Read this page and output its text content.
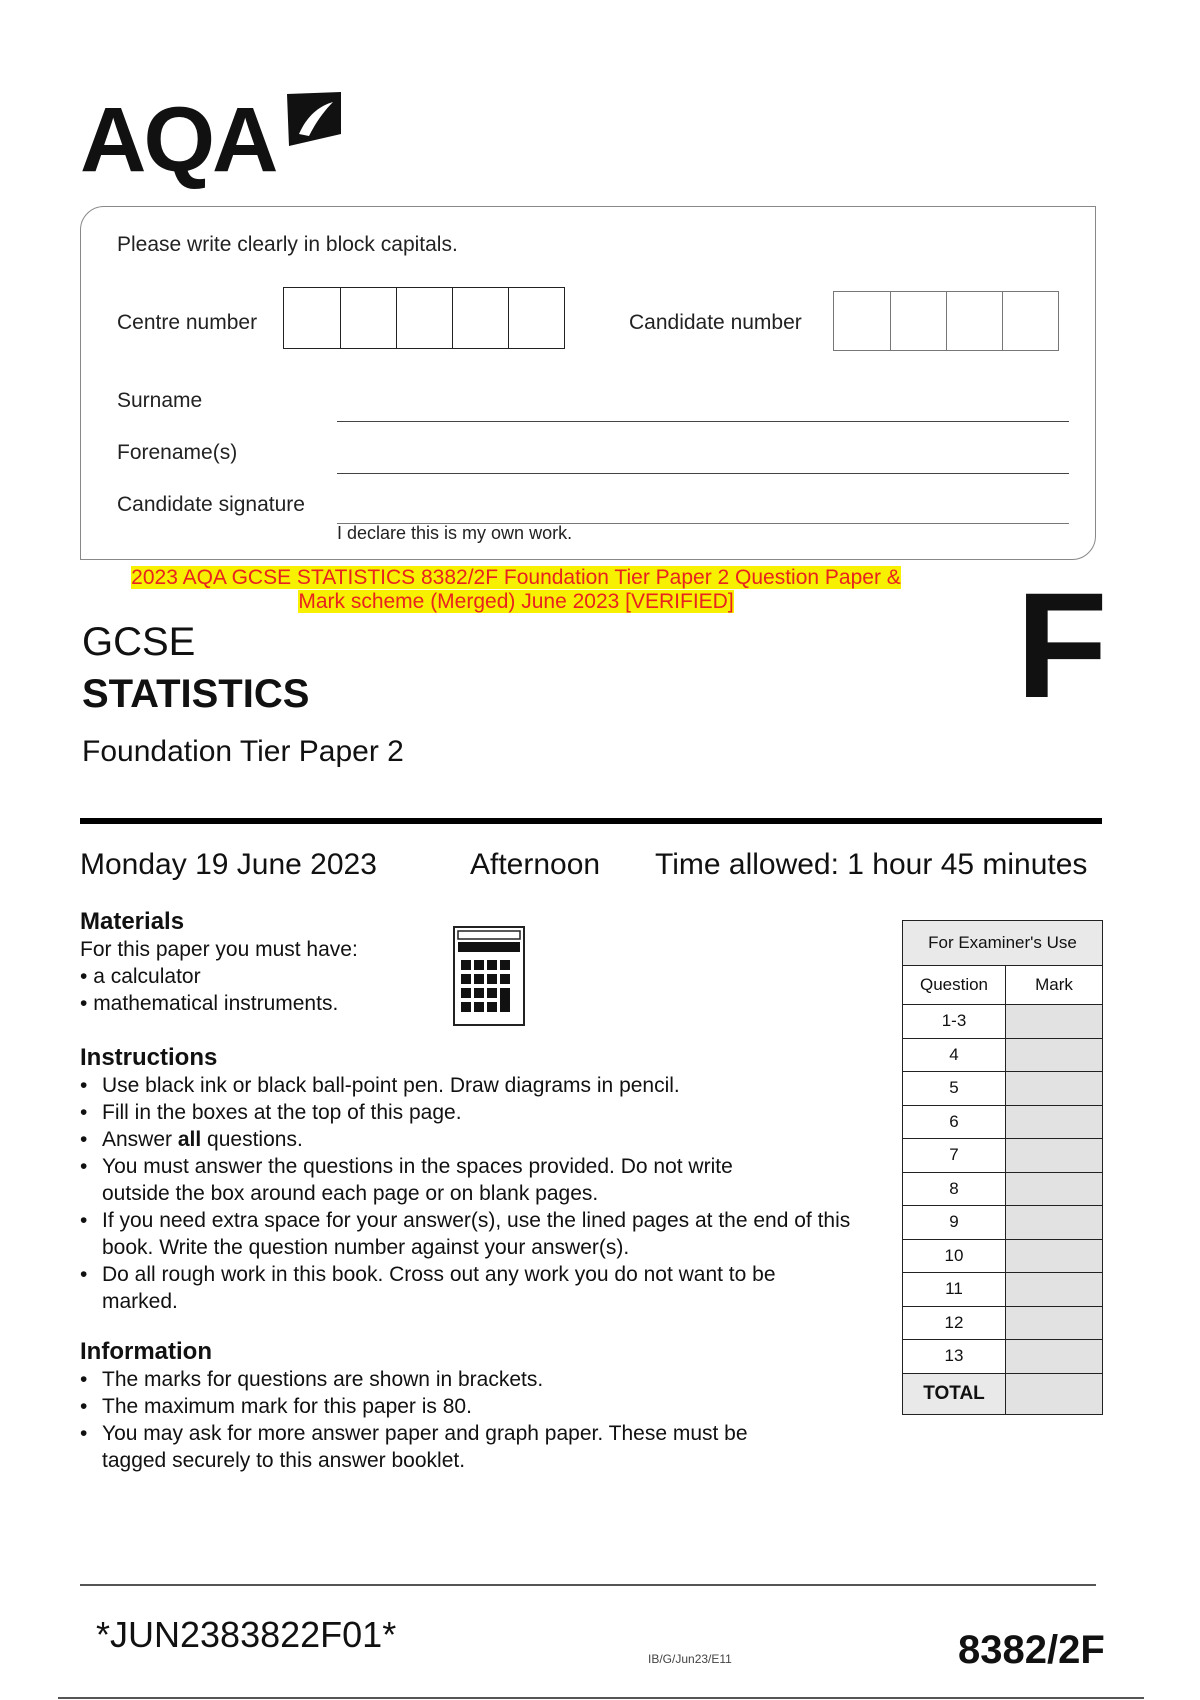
AQA
Please write clearly in block capitals.
Centre number	Candidate number
Surname
Forename(s)
Candidate signature
I declare this is my own work.
2023 AQA GCSE STATISTICS 8382/2F Foundation Tier Paper 2 Question Paper &
Mark scheme (Merged) June 2023 [VERIFIED]
GCSE
STATISTICS
Foundation Tier Paper 2
F
Monday 19 June 2023	Afternoon Time allowed: 1 hour 45 minutes
Materials
For this paper you must have:
• a calculator
• mathematical instruments.
Instructions
• Use black ink or black ball-point pen. Draw diagrams in pencil.
• Fill in the boxes at the top of this page.
• Answer all questions.
• You must answer the questions in the spaces provided. Do not write outside the box around each page or on blank pages.
• If you need extra space for your answer(s), use the lined pages at the end of this book. Write the question number against your answer(s).
• Do all rough work in this book. Cross out any work you do not want to be marked.
Information
• The marks for questions are shown in brackets.
• The maximum mark for this paper is 80.
• You may ask for more answer paper and graph paper. These must be tagged securely to this answer booklet.
For Examiner's Use	
Question	Mark
1-3	
4	
5	
6	
7	
8	
9	
10	
11	
12	
13	
TOTAL	
*JUN2383822F01*
IB/G/Jun23/E11	8382/2F
